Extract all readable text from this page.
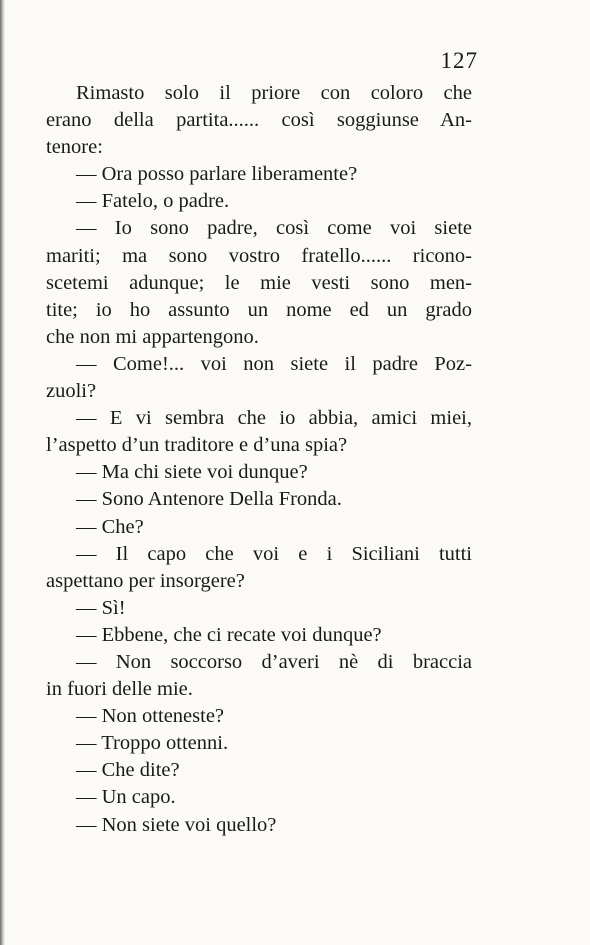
127
Rimasto solo il priore con coloro che
erano della partita...... così soggiunse An-
tenore:
— Ora posso parlare liberamente?
— Fatelo, o padre.
— Io sono padre, così come voi siete
mariti; ma sono vostro fratello...... ricono-
scetemi adunque; le mie vesti sono men-
tite; io ho assunto un nome ed un grado
che non mi appartengono.
— Come!... voi non siete il padre Poz-
zuoli?
— E vi sembra che io abbia, amici miei,
l’aspetto d’un traditore e d’una spia?
— Ma chi siete voi dunque?
— Sono Antenore Della Fronda.
— Che?
— Il capo che voi e i Siciliani tutti
aspettano per insorgere?
— Sì!
— Ebbene, che ci recate voi dunque?
— Non soccorso d’averi nè di braccia
in fuori delle mie.
— Non otteneste?
— Troppo ottenni.
— Che dite?
— Un capo.
— Non siete voi quello?
